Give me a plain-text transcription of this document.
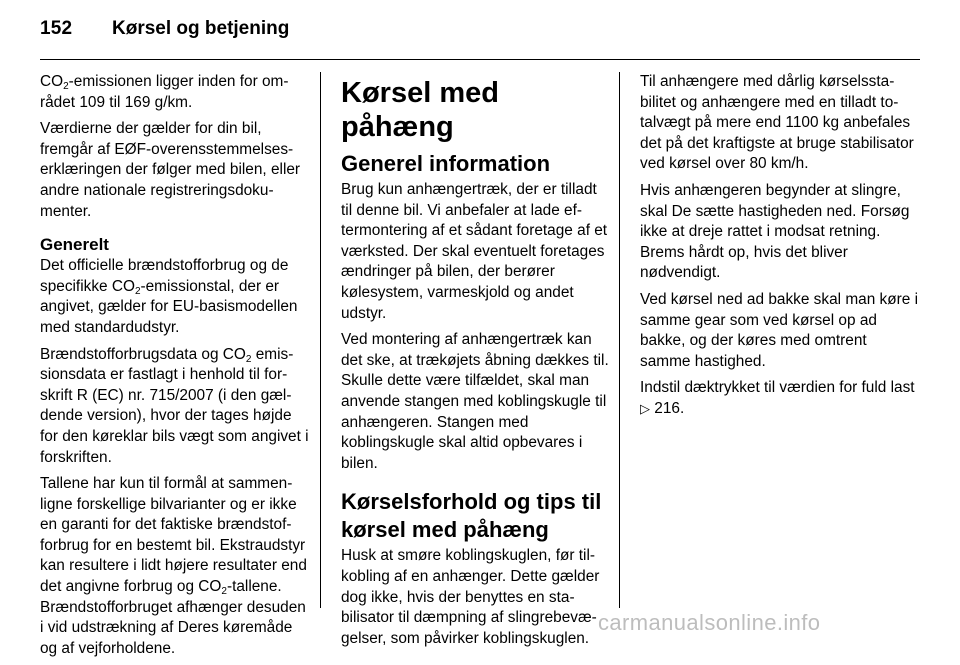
152 Kørsel og betjening

$CO_2$-emissionen ligger inden for området 109 til 169 g/km.

Værdierne der gælder for din bil, fremgår af EØF-overensstemmelseserklæringen der følger med bilen, eller andre nationale registreringsdokumenter.

Generelt

Det officielle brændstofforbrug og de specifikke $CO_2$-emissionstal, der er angivet, gælder for EU-basismodellen med standardudstyr.

Brændstofforbrugsdata og $CO_2$ emissionsdata er fastlagt i henhold til forskrift R (EC) nr. 715/2007 (i den gældende version), hvor der tages højde for den køreklar bils vægt som angivet i forskriften.

Tallene har kun til formål at sammenligne forskellige bilvarianter og er ikke en garanti for det faktiske brændstofforbrug for en bestemt bil. Ekstraudstyr kan resultere i lidt højere resultater end det angivne forbrug og $CO_2$-tallene. Brændstofforbruget afhænger desuden i vid udstrækning af Deres køremåde og af vejforholdene.

Kørsel med påhæng
Generel information

Brug kun anhængertræk, der er tilladt til denne bil. Vi anbefaler at lade eftermontering af et sådant foretage af et værksted. Der skal eventuelt foretages ændringer på bilen, der berører kølesystem, varmeskjold og andet udstyr.

Ved montering af anhængertræk kan det ske, at trækøjets åbning dækkes til. Skulle dette være tilfældet, skal man anvende stangen med koblingskugle til anhængeren. Stangen med koblingskugle skal altid opbevares i bilen.

Kørselsforhold og tips til kørsel med påhæng

Husk at smøre koblingskuglen, før tilkobling af en anhænger. Dette gælder dog ikke, hvis der benyttes en stabilisator til dæmpning af slingrebevægelser, som påvirker koblingskuglen.

Til anhængere med dårlig kørselsstabilitet og anhængere med en tilladt totalvægt på mere end 1100 kg anbefales det på det kraftigste at bruge stabilisator ved kørsel over 80 km/h.

Hvis anhængeren begynder at slingre, skal De sætte hastigheden ned. Forsøg ikke at dreje rattet i modsat retning. Brems hårdt op, hvis det bliver nødvendigt.

Ved kørsel ned ad bakke skal man køre i samme gear som ved kørsel op ad bakke, og der køres med omtrent samme hastighed.

Indstil dæktrykket til værdien for fuld last ▷ 216.

carmanualsonline.info
